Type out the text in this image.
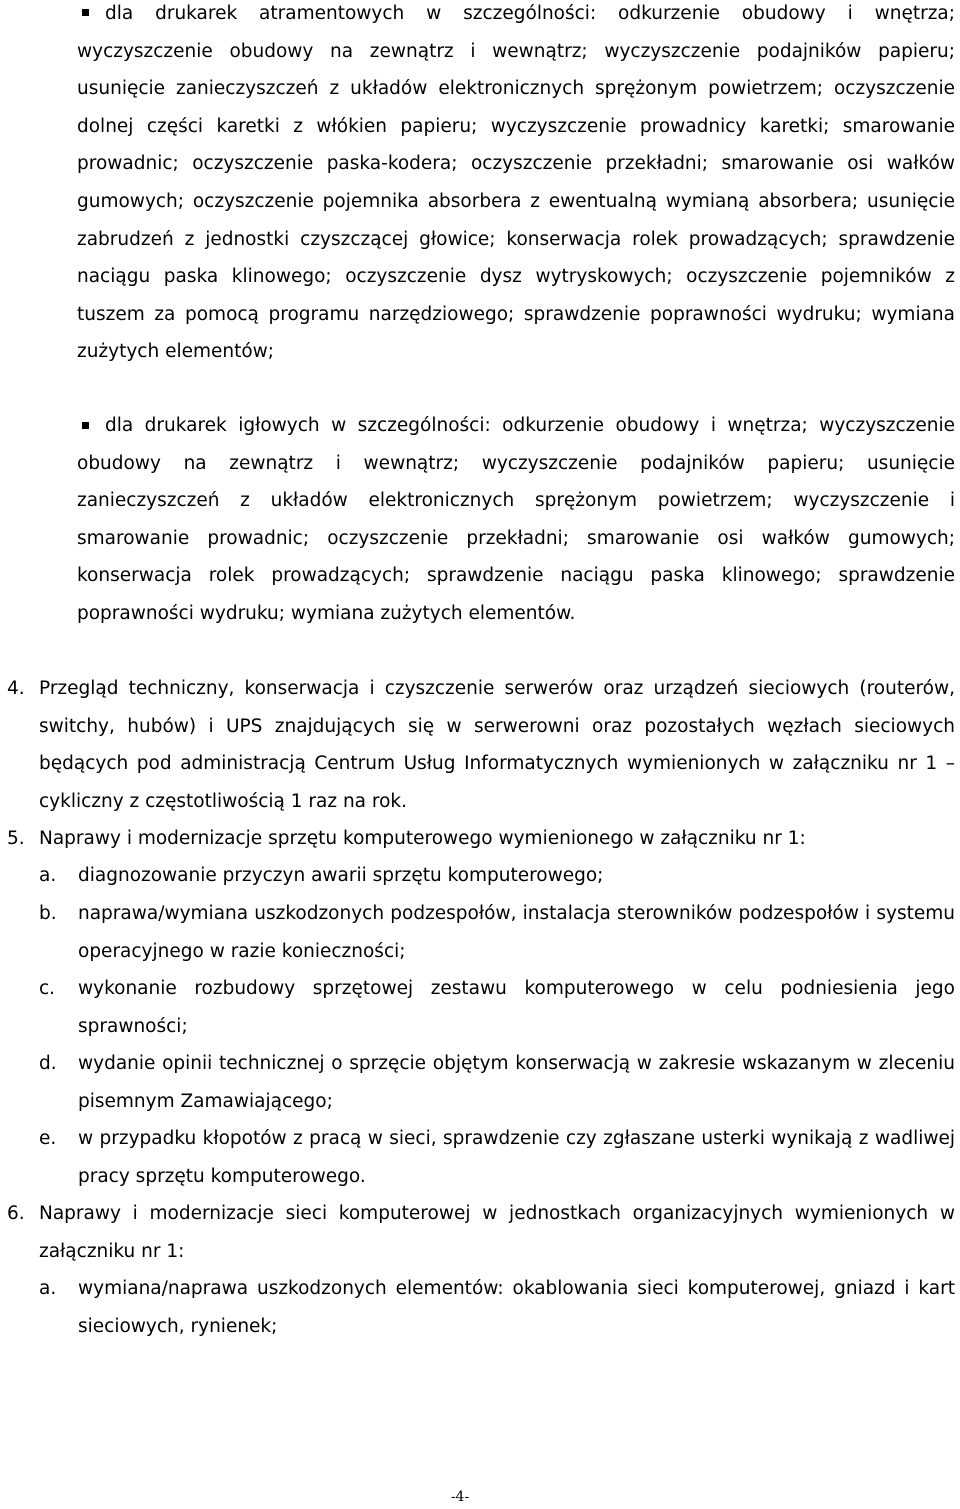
dla drukarek atramentowych w szczególności: odkurzenie obudowy i wnętrza; wyczyszczenie obudowy na zewnątrz i wewnątrz; wyczyszczenie podajników papieru; usunięcie zanieczyszczeń z układów elektronicznych sprężonym powietrzem; oczyszczenie dolnej części karetki z włókien papieru; wyczyszczenie prowadnicy karetki; smarowanie prowadnic; oczyszczenie paska-kodera; oczyszczenie przekładni; smarowanie osi wałków gumowych; oczyszczenie pojemnika absorbera z ewentualną wymianą absorbera; usunięcie zabrudzeń z jednostki czyszczącej głowice; konserwacja rolek prowadzących; sprawdzenie naciągu paska klinowego; oczyszczenie dysz wytryskowych; oczyszczenie pojemników z tuszem za pomocą programu narzędziowego; sprawdzenie poprawności wydruku; wymiana zużytych elementów;

dla drukarek igłowych w szczególności: odkurzenie obudowy i wnętrza; wyczyszczenie obudowy na zewnątrz i wewnątrz; wyczyszczenie podajników papieru; usunięcie zanieczyszczeń z układów elektronicznych sprężonym powietrzem; wyczyszczenie i smarowanie prowadnic; oczyszczenie przekładni; smarowanie osi wałków gumowych; konserwacja rolek prowadzących; sprawdzenie naciągu paska klinowego; sprawdzenie poprawności wydruku; wymiana zużytych elementów.

4. Przegląd techniczny, konserwacja i czyszczenie serwerów oraz urządzeń sieciowych (routerów, switchy, hubów) i UPS znajdujących się w serwerowni oraz pozostałych węzłach sieciowych będących pod administracją Centrum Usług Informatycznych wymienionych w załączniku nr 1 – cykliczny z częstotliwością 1 raz na rok.

5. Naprawy i modernizacje sprzętu komputerowego wymienionego w załączniku nr 1:

a. diagnozowanie przyczyn awarii sprzętu komputerowego;

b. naprawa/wymiana uszkodzonych podzespołów, instalacja sterowników podzespołów i systemu operacyjnego w razie konieczności;

c. wykonanie rozbudowy sprzętowej zestawu komputerowego w celu podniesienia jego sprawności;

d. wydanie opinii technicznej o sprzęcie objętym konserwacją w zakresie wskazanym w zleceniu pisemnym Zamawiającego;

e. w przypadku kłopotów z pracą w sieci, sprawdzenie czy zgłaszane usterki wynikają z wadliwej pracy sprzętu komputerowego.

6. Naprawy i modernizacje sieci komputerowej w jednostkach organizacyjnych wymienionych w załączniku nr 1:

a. wymiana/naprawa uszkodzonych elementów: okablowania sieci komputerowej, gniazd i kart sieciowych, rynienek;

-4-
